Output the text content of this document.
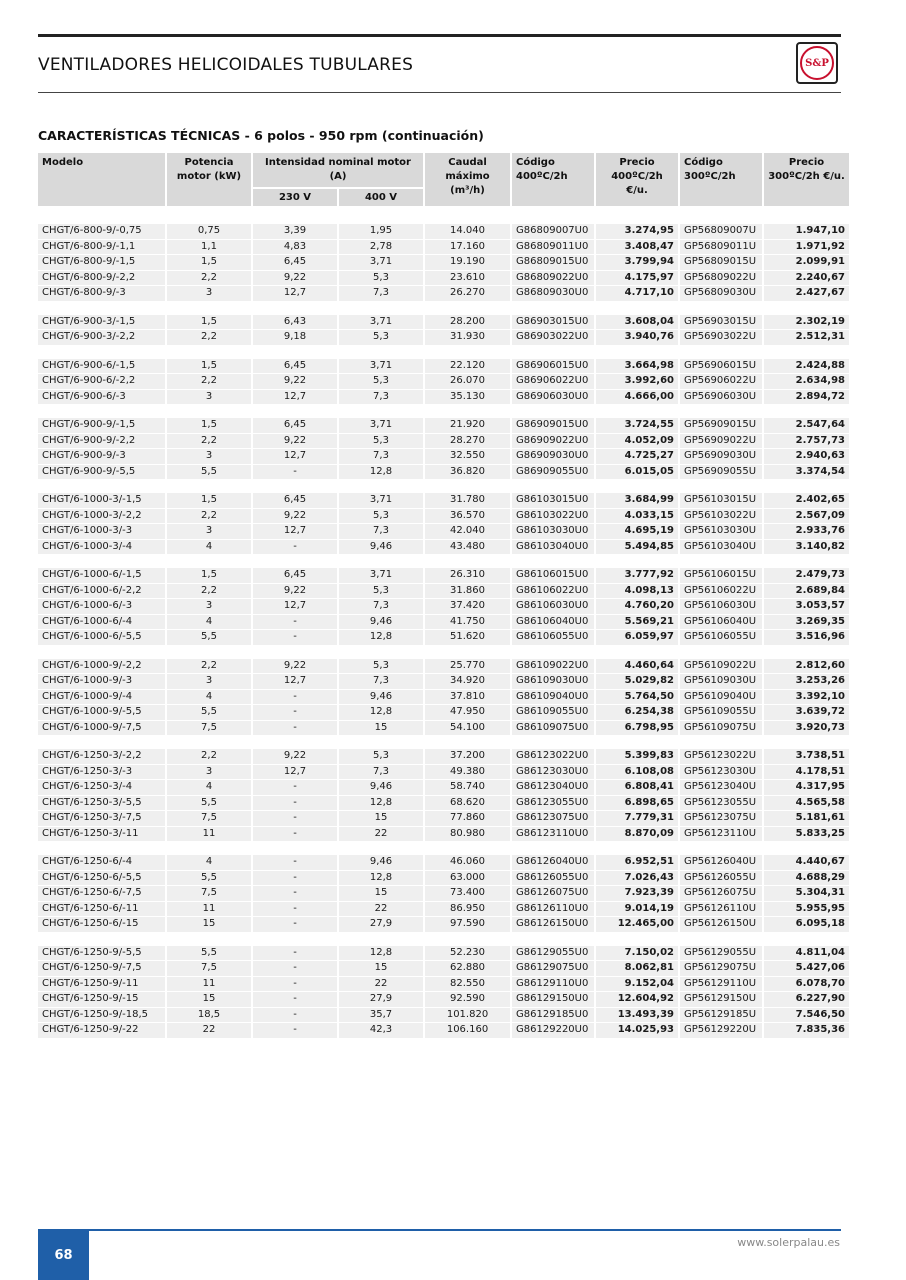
VENTILADORES HELICOIDALES TUBULARES	S&P
CARACTERÍSTICAS TÉCNICAS - 6 polos - 950 rpm (continuación)
Modelo	Potencia motor (kW)	Intensidad nominal motor (A)		Caudal máximo (m³/h)	Código 400ºC/2h	Precio 400ºC/2h €/u.	Código 300ºC/2h	Precio 300ºC/2h €/u.
		230 V	400 V					

CHGT/6-800-9/-0,75	0,75	3,39	1,95	14.040	G86809007U0	3.274,95	GP56809007U	1.947,10
CHGT/6-800-9/-1,1	1,1	4,83	2,78	17.160	G86809011U0	3.408,47	GP56809011U	1.971,92
CHGT/6-800-9/-1,5	1,5	6,45	3,71	19.190	G86809015U0	3.799,94	GP56809015U	2.099,91
CHGT/6-800-9/-2,2	2,2	9,22	5,3	23.610	G86809022U0	4.175,97	GP56809022U	2.240,67
CHGT/6-800-9/-3	3	12,7	7,3	26.270	G86809030U0	4.717,10	GP56809030U	2.427,67

CHGT/6-900-3/-1,5	1,5	6,43	3,71	28.200	G86903015U0	3.608,04	GP56903015U	2.302,19
CHGT/6-900-3/-2,2	2,2	9,18	5,3	31.930	G86903022U0	3.940,76	GP56903022U	2.512,31

CHGT/6-900-6/-1,5	1,5	6,45	3,71	22.120	G86906015U0	3.664,98	GP56906015U	2.424,88
CHGT/6-900-6/-2,2	2,2	9,22	5,3	26.070	G86906022U0	3.992,60	GP56906022U	2.634,98
CHGT/6-900-6/-3	3	12,7	7,3	35.130	G86906030U0	4.666,00	GP56906030U	2.894,72

CHGT/6-900-9/-1,5	1,5	6,45	3,71	21.920	G86909015U0	3.724,55	GP56909015U	2.547,64
CHGT/6-900-9/-2,2	2,2	9,22	5,3	28.270	G86909022U0	4.052,09	GP56909022U	2.757,73
CHGT/6-900-9/-3	3	12,7	7,3	32.550	G86909030U0	4.725,27	GP56909030U	2.940,63
CHGT/6-900-9/-5,5	5,5	-	12,8	36.820	G86909055U0	6.015,05	GP56909055U	3.374,54

CHGT/6-1000-3/-1,5	1,5	6,45	3,71	31.780	G86103015U0	3.684,99	GP56103015U	2.402,65
CHGT/6-1000-3/-2,2	2,2	9,22	5,3	36.570	G86103022U0	4.033,15	GP56103022U	2.567,09
CHGT/6-1000-3/-3	3	12,7	7,3	42.040	G86103030U0	4.695,19	GP56103030U	2.933,76
CHGT/6-1000-3/-4	4	-	9,46	43.480	G86103040U0	5.494,85	GP56103040U	3.140,82

CHGT/6-1000-6/-1,5	1,5	6,45	3,71	26.310	G86106015U0	3.777,92	GP56106015U	2.479,73
CHGT/6-1000-6/-2,2	2,2	9,22	5,3	31.860	G86106022U0	4.098,13	GP56106022U	2.689,84
CHGT/6-1000-6/-3	3	12,7	7,3	37.420	G86106030U0	4.760,20	GP56106030U	3.053,57
CHGT/6-1000-6/-4	4	-	9,46	41.750	G86106040U0	5.569,21	GP56106040U	3.269,35
CHGT/6-1000-6/-5,5	5,5	-	12,8	51.620	G86106055U0	6.059,97	GP56106055U	3.516,96

CHGT/6-1000-9/-2,2	2,2	9,22	5,3	25.770	G86109022U0	4.460,64	GP56109022U	2.812,60
CHGT/6-1000-9/-3	3	12,7	7,3	34.920	G86109030U0	5.029,82	GP56109030U	3.253,26
CHGT/6-1000-9/-4	4	-	9,46	37.810	G86109040U0	5.764,50	GP56109040U	3.392,10
CHGT/6-1000-9/-5,5	5,5	-	12,8	47.950	G86109055U0	6.254,38	GP56109055U	3.639,72
CHGT/6-1000-9/-7,5	7,5	-	15	54.100	G86109075U0	6.798,95	GP56109075U	3.920,73

CHGT/6-1250-3/-2,2	2,2	9,22	5,3	37.200	G86123022U0	5.399,83	GP56123022U	3.738,51
CHGT/6-1250-3/-3	3	12,7	7,3	49.380	G86123030U0	6.108,08	GP56123030U	4.178,51
CHGT/6-1250-3/-4	4	-	9,46	58.740	G86123040U0	6.808,41	GP56123040U	4.317,95
CHGT/6-1250-3/-5,5	5,5	-	12,8	68.620	G86123055U0	6.898,65	GP56123055U	4.565,58
CHGT/6-1250-3/-7,5	7,5	-	15	77.860	G86123075U0	7.779,31	GP56123075U	5.181,61
CHGT/6-1250-3/-11	11	-	22	80.980	G86123110U0	8.870,09	GP56123110U	5.833,25

CHGT/6-1250-6/-4	4	-	9,46	46.060	G86126040U0	6.952,51	GP56126040U	4.440,67
CHGT/6-1250-6/-5,5	5,5	-	12,8	63.000	G86126055U0	7.026,43	GP56126055U	4.688,29
CHGT/6-1250-6/-7,5	7,5	-	15	73.400	G86126075U0	7.923,39	GP56126075U	5.304,31
CHGT/6-1250-6/-11	11	-	22	86.950	G86126110U0	9.014,19	GP56126110U	5.955,95
CHGT/6-1250-6/-15	15	-	27,9	97.590	G86126150U0	12.465,00	GP56126150U	6.095,18

CHGT/6-1250-9/-5,5	5,5	-	12,8	52.230	G86129055U0	7.150,02	GP56129055U	4.811,04
CHGT/6-1250-9/-7,5	7,5	-	15	62.880	G86129075U0	8.062,81	GP56129075U	5.427,06
CHGT/6-1250-9/-11	11	-	22	82.550	G86129110U0	9.152,04	GP56129110U	6.078,70
CHGT/6-1250-9/-15	15	-	27,9	92.590	G86129150U0	12.604,92	GP56129150U	6.227,90
CHGT/6-1250-9/-18,5	18,5	-	35,7	101.820	G86129185U0	13.493,39	GP56129185U	7.546,50
CHGT/6-1250-9/-22	22	-	42,3	106.160	G86129220U0	14.025,93	GP56129220U	7.835,36
68
www.solerpalau.es
